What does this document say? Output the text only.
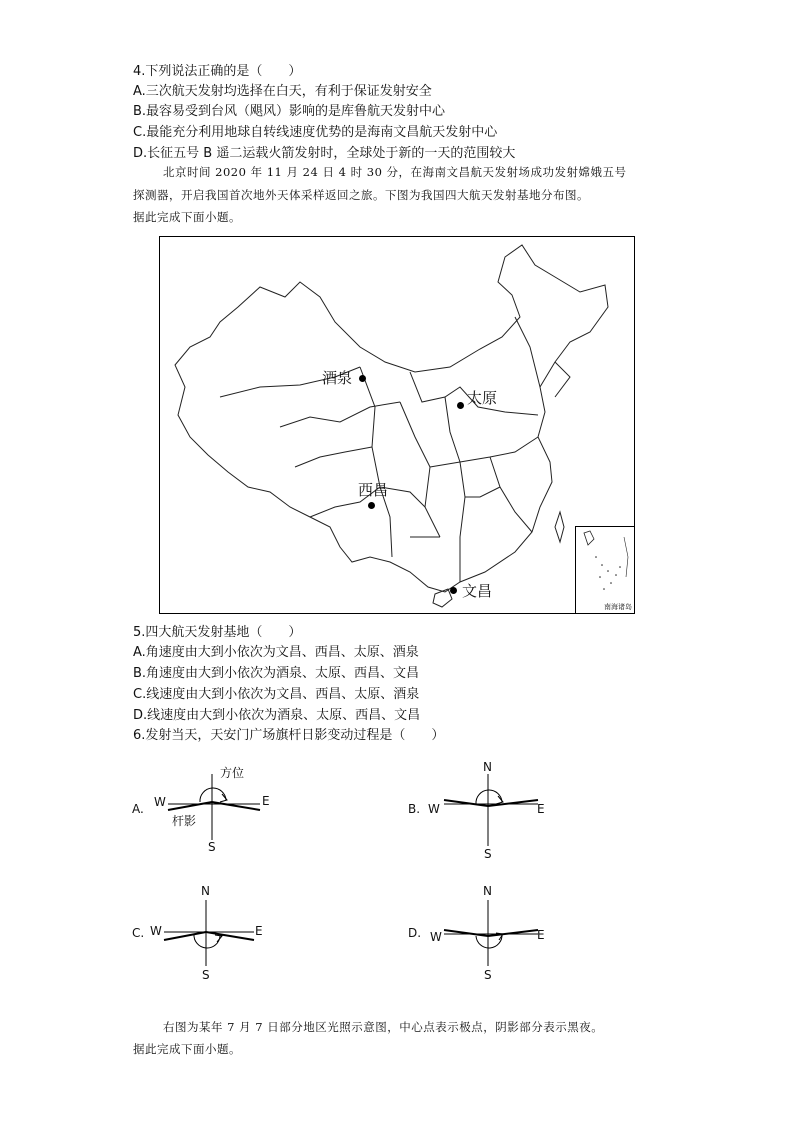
4.下列说法正确的是（　　）
A.三次航天发射均选择在白天，有利于保证发射安全
B.最容易受到台风（飓风）影响的是库鲁航天发射中心
C.最能充分利用地球自转线速度优势的是海南文昌航天发射中心
D.长征五号 B 遥二运载火箭发射时，全球处于新的一天的范围较大
北京时间 2020 年 11 月 24 日 4 时 30 分，在海南文昌航天发射场成功发射嫦娥五号
探测器，开启我国首次地外天体采样返回之旅。下图为我国四大航天发射基地分布图。
据此完成下面小题。
酒泉
太原
西昌
文昌
南海诸岛
5.四大航天发射基地（　　）
A.角速度由大到小依次为文昌、西昌、太原、酒泉
B.角速度由大到小依次为酒泉、太原、西昌、文昌
C.线速度由大到小依次为文昌、西昌、太原、酒泉
D.线速度由大到小依次为酒泉、太原、西昌、文昌
6.发射当天，天安门广场旗杆日影变动过程是（　　）
方位
W	E
S
杆影
A.
N
W	E
S
B.
N
W	E
S
C.
N
W	E
S
D.
右图为某年 7 月 7 日部分地区光照示意图，中心点表示极点，阴影部分表示黑夜。
据此完成下面小题。
